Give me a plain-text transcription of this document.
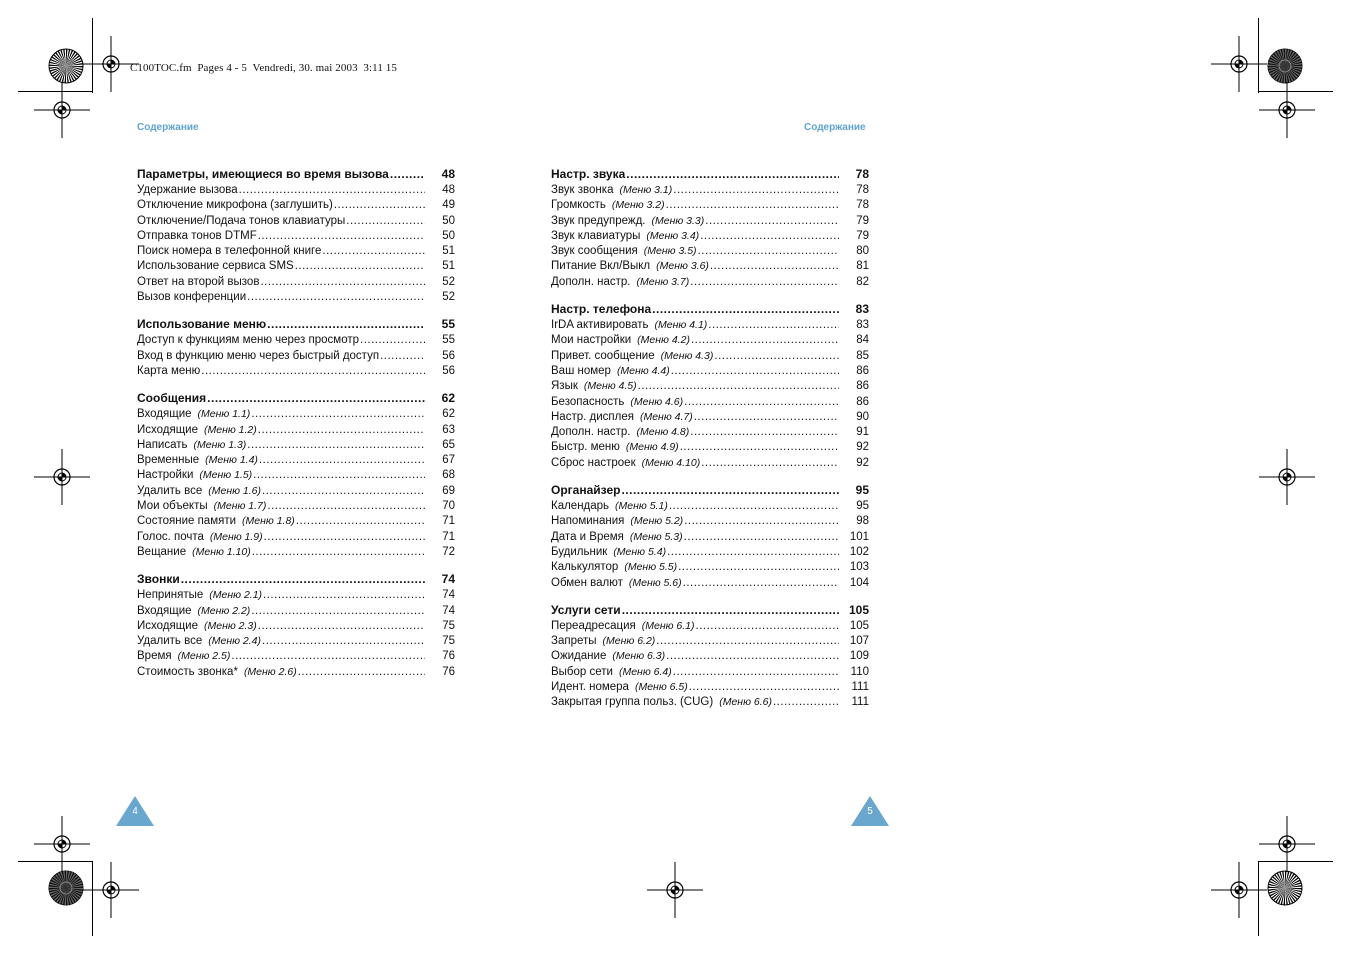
C100TOC.fm Pages 4 - 5 Vendredi, 30. mai 2003 3:11 15
Содержание	Содержание
Параметры, имеющиеся во время вызова .....	48
Удержание вызова .....	48
Отключение микрофона (заглушить) .....	49
Отключение/Подача тонов клавиатуры .....	50
Отправка тонов DTMF .....	50
Поиск номера в телефонной книге .....	51
Использование сервиса SMS .....	51
Ответ на второй вызов .....	52
Вызов конференции .....	52
Использование меню .....	55
Доступ к функциям меню через просмотр .....	55
Вход в функцию меню через быстрый доступ .....	56
Карта меню .....	56
Сообщения .....	62
Входящие (Меню 1.1) .....	62
Исходящие (Меню 1.2) .....	63
Написать (Меню 1.3) .....	65
Временные (Меню 1.4) .....	67
Настройки (Меню 1.5) .....	68
Удалить все (Меню 1.6) .....	69
Мои объекты (Меню 1.7) .....	70
Состояние памяти (Меню 1.8) .....	71
Голос. почта (Меню 1.9) .....	71
Вещание (Меню 1.10) .....	72
Звонки .....	74
Непринятые (Меню 2.1) .....	74
Входящие (Меню 2.2) .....	74
Исходящие (Меню 2.3) .....	75
Удалить все (Меню 2.4) .....	75
Время (Меню 2.5) .....	76
Стоимость звонка* (Меню 2.6) .....	76
Настр. звука .....	78
Звук звонка (Меню 3.1) .....	78
Громкость (Меню 3.2) .....	78
Звук предупрежд. (Меню 3.3) .....	79
Звук клавиатуры (Меню 3.4) .....	79
Звук сообщения (Меню 3.5) .....	80
Питание Вкл/Выкл (Меню 3.6) .....	81
Дополн. настр. (Меню 3.7) .....	82
Настр. телефона .....	83
IrDA активировать (Меню 4.1) .....	83
Мои настройки (Меню 4.2) .....	84
Привет. сообщение (Меню 4.3) .....	85
Ваш номер (Меню 4.4) .....	86
Язык (Меню 4.5) .....	86
Безопасность (Меню 4.6) .....	86
Настр. дисплея (Меню 4.7) .....	90
Дополн. настр. (Меню 4.8) .....	91
Быстр. меню (Меню 4.9) .....	92
Сброс настроек (Меню 4.10) .....	92
Органайзер .....	95
Календарь (Меню 5.1) .....	95
Напоминания (Меню 5.2) .....	98
Дата и Время (Меню 5.3) .....	101
Будильник (Меню 5.4) .....	102
Калькулятор (Меню 5.5) .....	103
Обмен валют (Меню 5.6) .....	104
Услуги сети .....	105
Переадресация (Меню 6.1) .....	105
Запреты (Меню 6.2) .....	107
Ожидание (Меню 6.3) .....	109
Выбор сети (Меню 6.4) .....	110
Идент. номера (Меню 6.5) .....	111
Закрытая группа польз. (CUG) (Меню 6.6) .....	111
4	5
